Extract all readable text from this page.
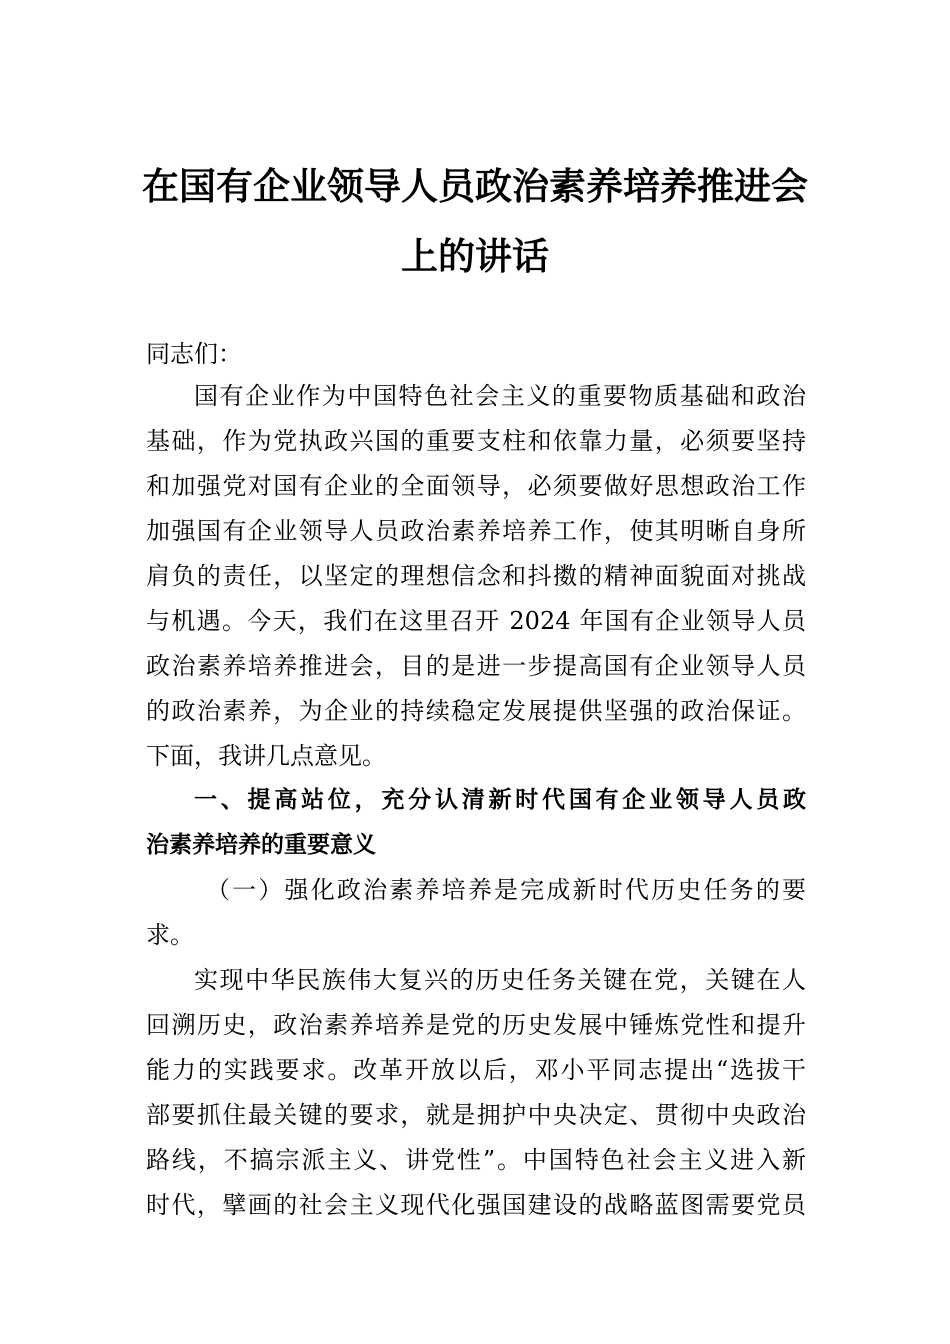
在国有企业领导人员政治素养培养推进会
上的讲话
同志们：
国有企业作为中国特色社会主义的重要物质基础和政治
基础，作为党执政兴国的重要支柱和依靠力量，必须要坚持
和加强党对国有企业的全面领导，必须要做好思想政治工作
加强国有企业领导人员政治素养培养工作，使其明晰自身所
肩负的责任，以坚定的理想信念和抖擞的精神面貌面对挑战
与机遇。今天，我们在这里召开 2024 年国有企业领导人员
政治素养培养推进会，目的是进一步提高国有企业领导人员
的政治素养，为企业的持续稳定发展提供坚强的政治保证。
下面，我讲几点意见。
一、提高站位，充分认清新时代国有企业领导人员政
治素养培养的重要意义
（一）强化政治素养培养是完成新时代历史任务的要
求。
实现中华民族伟大复兴的历史任务关键在党，关键在人
回溯历史，政治素养培养是党的历史发展中锤炼党性和提升
能力的实践要求。改革开放以后，邓小平同志提出“选拔干
部要抓住最关键的要求，就是拥护中央决定、贯彻中央政治
路线，不搞宗派主义、讲党性”。中国特色社会主义进入新
时代，擘画的社会主义现代化强国建设的战略蓝图需要党员
